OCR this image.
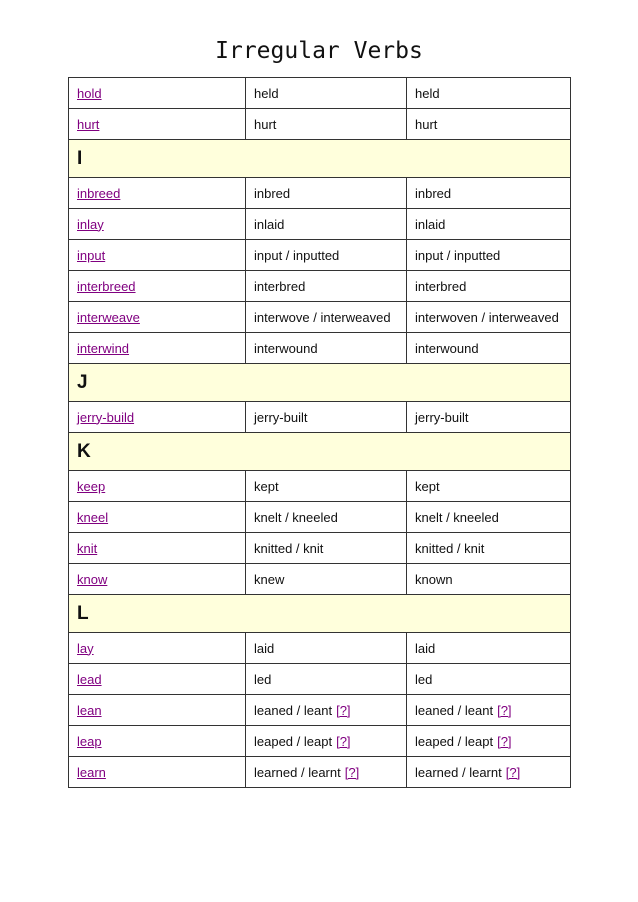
Irregular Verbs
hold	held	held
hurt	hurt	hurt
I		
inbreed	inbred	inbred
inlay	inlaid	inlaid
input	input / inputted	input / inputted
interbreed	interbred	interbred
interweave	interwove / interweaved	interwoven / interweaved
interwind	interwound	interwound
J		
jerry-build	jerry-built	jerry-built
K		
keep	kept	kept
kneel	knelt / kneeled	knelt / kneeled
knit	knitted / knit	knitted / knit
know	knew	known
L		
lay	laid	laid
lead	led	led
lean	leaned / leant [?]	leaned / leant [?]
leap	leaped / leapt [?]	leaped / leapt [?]
learn	learned / learnt [?]	learned / learnt [?]
